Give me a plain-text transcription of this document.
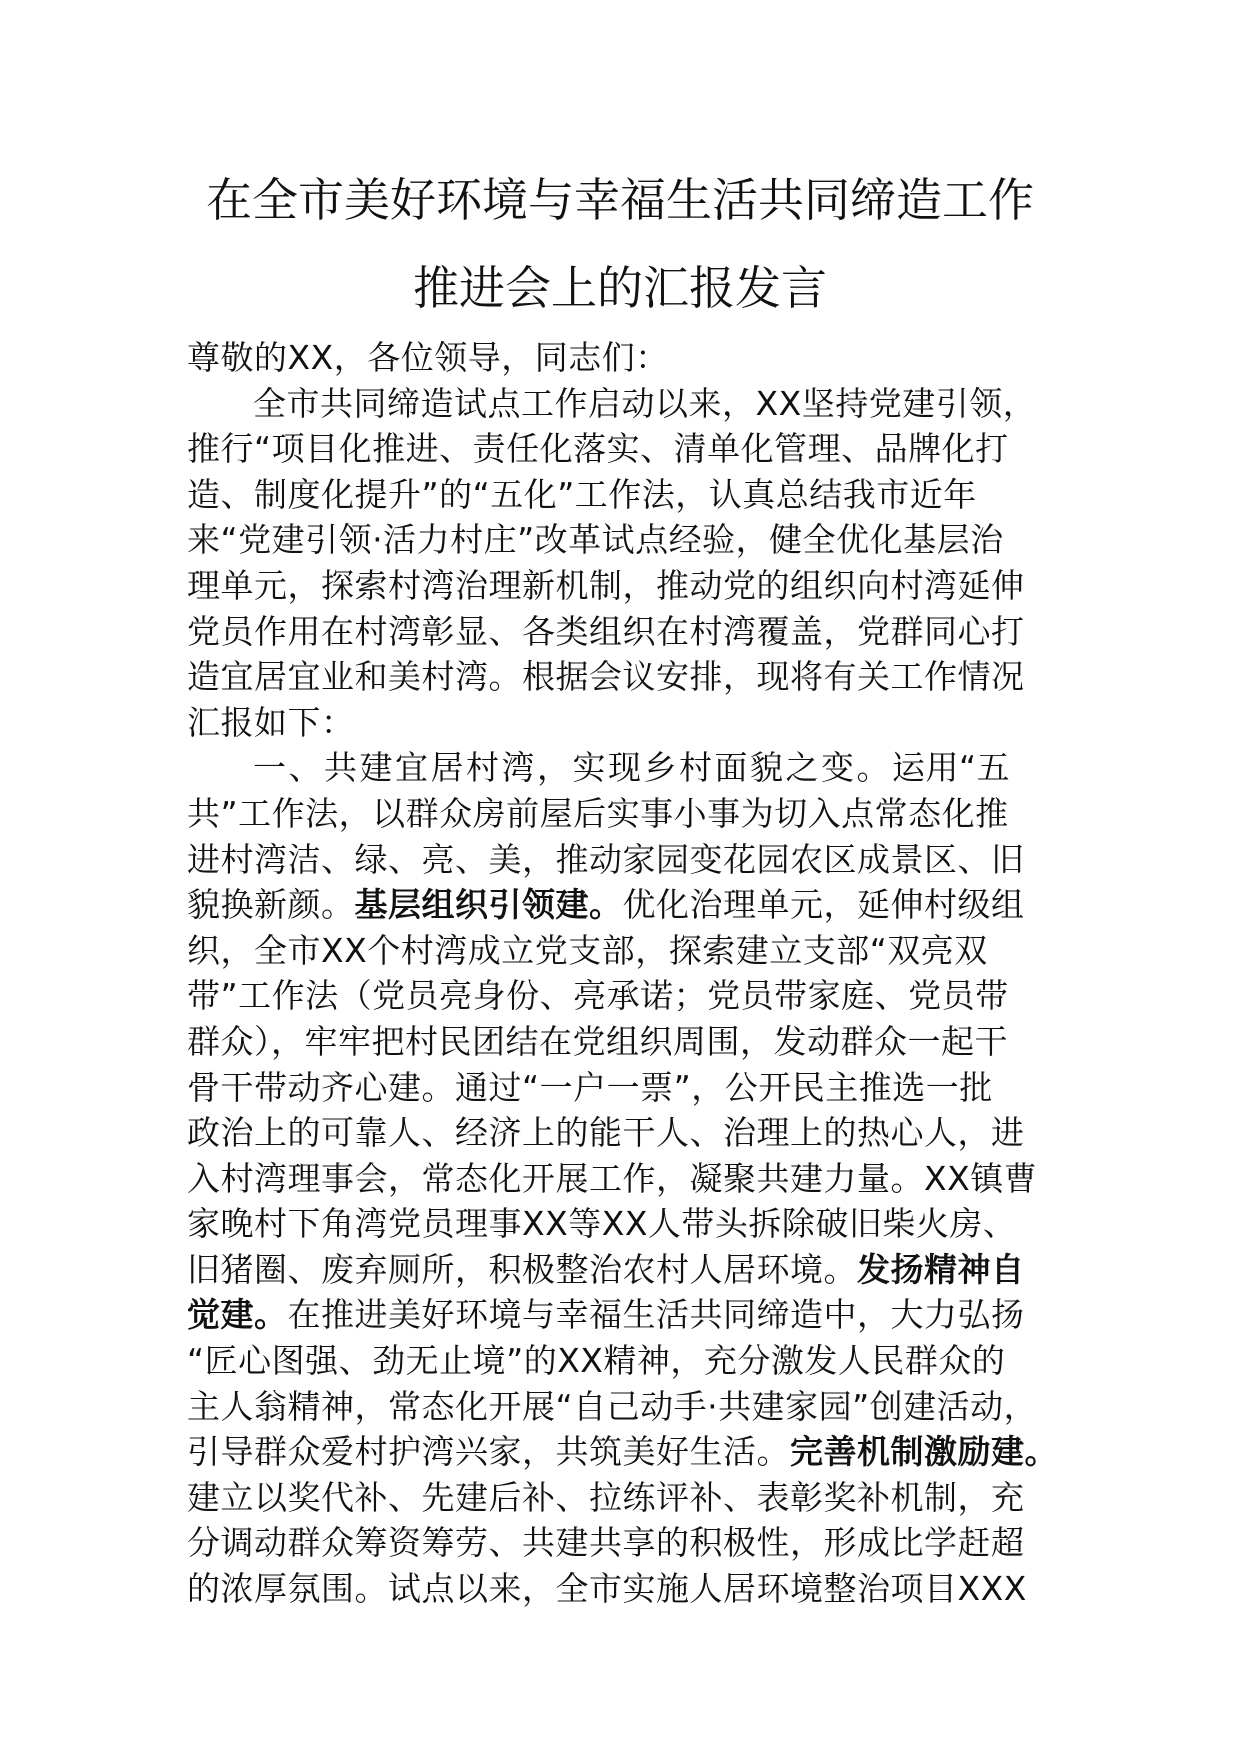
在全市美好环境与幸福生活共同缔造工作
推进会上的汇报发言
尊敬的XX，各位领导，同志们：
全市共同缔造试点工作启动以来，XX坚持党建引领，
推行“项目化推进、责任化落实、清单化管理、品牌化打
造、制度化提升”的“五化”工作法，认真总结我市近年
来“党建引领·活力村庄”改革试点经验，健全优化基层治
理单元，探索村湾治理新机制，推动党的组织向村湾延伸
党员作用在村湾彰显、各类组织在村湾覆盖，党群同心打
造宜居宜业和美村湾。根据会议安排，现将有关工作情况
汇报如下：
一、共建宜居村湾，实现乡村面貌之变。运用“五
共”工作法，以群众房前屋后实事小事为切入点常态化推
进村湾洁、绿、亮、美，推动家园变花园农区成景区、旧
貌换新颜。基层组织引领建。优化治理单元，延伸村级组
织，全市XX个村湾成立党支部，探索建立支部“双亮双
带”工作法（党员亮身份、亮承诺；党员带家庭、党员带
群众），牢牢把村民团结在党组织周围，发动群众一起干
骨干带动齐心建。通过“一户一票”，公开民主推选一批
政治上的可靠人、经济上的能干人、治理上的热心人，进
入村湾理事会，常态化开展工作，凝聚共建力量。XX镇曹
家晚村下角湾党员理事XX等XX人带头拆除破旧柴火房、
旧猪圈、废弃厕所，积极整治农村人居环境。发扬精神自
觉建。在推进美好环境与幸福生活共同缔造中，大力弘扬
“匠心图强、劲无止境”的XX精神，充分激发人民群众的
主人翁精神，常态化开展“自己动手·共建家园”创建活动，
引导群众爱村护湾兴家，共筑美好生活。完善机制激励建。
建立以奖代补、先建后补、拉练评补、表彰奖补机制，充
分调动群众筹资筹劳、共建共享的积极性，形成比学赶超
的浓厚氛围。试点以来，全市实施人居环境整治项目XXX
